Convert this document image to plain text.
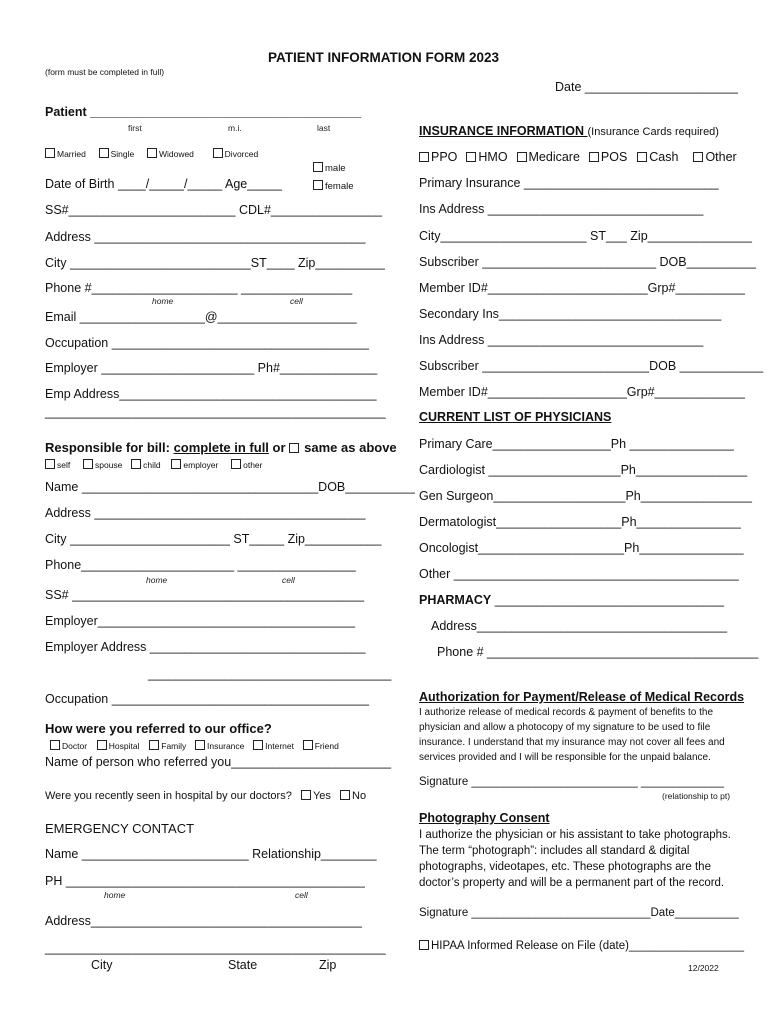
PATIENT INFORMATION FORM 2023
(form must be completed in full)
Date ______________________
Patient _______________________________________
first	m.i.	last
Married	Single	Widowed	Divorced
male
female
Date of Birth ____/_____/_____ Age_____
SS#________________________ CDL#________________
Address _______________________________________
City __________________________ST____ Zip__________
Phone #_____________________ ________________
home	cell
Email __________________@____________________
Occupation _____________________________________
Employer ______________________ Ph#______________
Emp Address_____________________________________
_________________________________________________
Responsible for bill: complete in full or same as above
self	spouse child	employer	other
Name __________________________________DOB__________
Address _______________________________________
City _______________________ ST_____ Zip___________
Phone______________________ _________________
home	cell
SS# __________________________________________
Employer_____________________________________
Employer Address _______________________________
___________________________________
Occupation _____________________________________
How were you referred to our office?
Doctor	Hospital	Family Insurance Internet Friend
Name of person who referred you_______________________
Were you recently seen in hospital by our doctors? Yes No
EMERGENCY CONTACT
Name ________________________ Relationship________
PH ___________________________________________
home	cell
Address_______________________________________
_________________________________________________
City	State	Zip
INSURANCE INFORMATION (Insurance Cards required)
PPO HMO Medicare POS Cash Other
Primary Insurance ____________________________
Ins Address _______________________________
City_____________________ ST___ Zip_______________
Subscriber _________________________ DOB__________
Member ID#_______________________Grp#__________
Secondary Ins________________________________
Ins Address _______________________________
Subscriber ________________________DOB ____________
Member ID#____________________Grp#_____________
CURRENT LIST OF PHYSICIANS
Primary Care_________________Ph _______________
Cardiologist ___________________Ph________________
Gen Surgeon___________________Ph________________
Dermatologist__________________Ph_______________
Oncologist_____________________Ph_______________
Other _________________________________________
PHARMACY _________________________________
Address____________________________________
Phone # _______________________________________
Authorization for Payment/Release of Medical Records
I authorize release of medical records & payment of benefits to the
physician and allow a photocopy of my signature to be used to file
insurance. I understand that my insurance may not cover all fees and
services provided and I will be responsible for the unpaid balance.
Signature __________________________ _____________
(relationship to pt)
Photography Consent
I authorize the physician or his assistant to take photographs.
The term “photograph”: includes all standard & digital
photographs, videotapes, etc. These photographs are the
doctor’s property and will be a permanent part of the record.
Signature ____________________________Date__________
HIPAA Informed Release on File (date)__________________
12/2022
